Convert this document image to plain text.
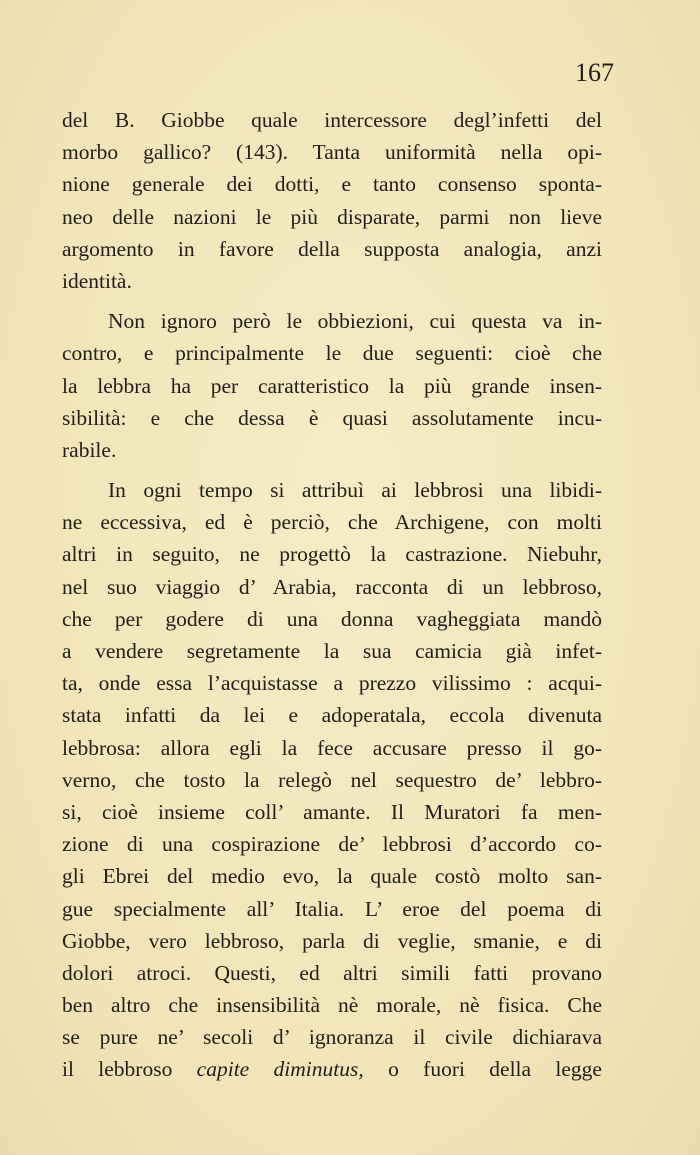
167
del B. Giobbe quale intercessore degl’infetti del
morbo gallico? (143). Tanta uniformità nella opi-
nione generale dei dotti, e tanto consenso sponta-
neo delle nazioni le più disparate, parmi non lieve
argomento in favore della supposta analogia, anzi
identità.
Non ignoro però le obbiezioni, cui questa va in-
contro, e principalmente le due seguenti: cioè che
la lebbra ha per caratteristico la più grande insen-
sibilità: e che dessa è quasi assolutamente incu-
rabile.
In ogni tempo si attribuì ai lebbrosi una libidi-
ne eccessiva, ed è perciò, che Archigene, con molti
altri in seguito, ne progettò la castrazione. Niebuhr,
nel suo viaggio d’ Arabia, racconta di un lebbroso,
che per godere di una donna vagheggiata mandò
a vendere segretamente la sua camicia già infet-
ta, onde essa l’acquistasse a prezzo vilissimo : acqui-
stata infatti da lei e adoperatala, eccola divenuta
lebbrosa: allora egli la fece accusare presso il go-
verno, che tosto la relegò nel sequestro de’ lebbro-
si, cioè insieme coll’ amante. Il Muratori fa men-
zione di una cospirazione de’ lebbrosi d’accordo co-
gli Ebrei del medio evo, la quale costò molto san-
gue specialmente all’ Italia. L’ eroe del poema di
Giobbe, vero lebbroso, parla di veglie, smanie, e di
dolori atroci. Questi, ed altri simili fatti provano
ben altro che insensibilità nè morale, nè fisica. Che
se pure ne’ secoli d’ ignoranza il civile dichiarava
il lebbroso capite diminutus, o fuori della legge
